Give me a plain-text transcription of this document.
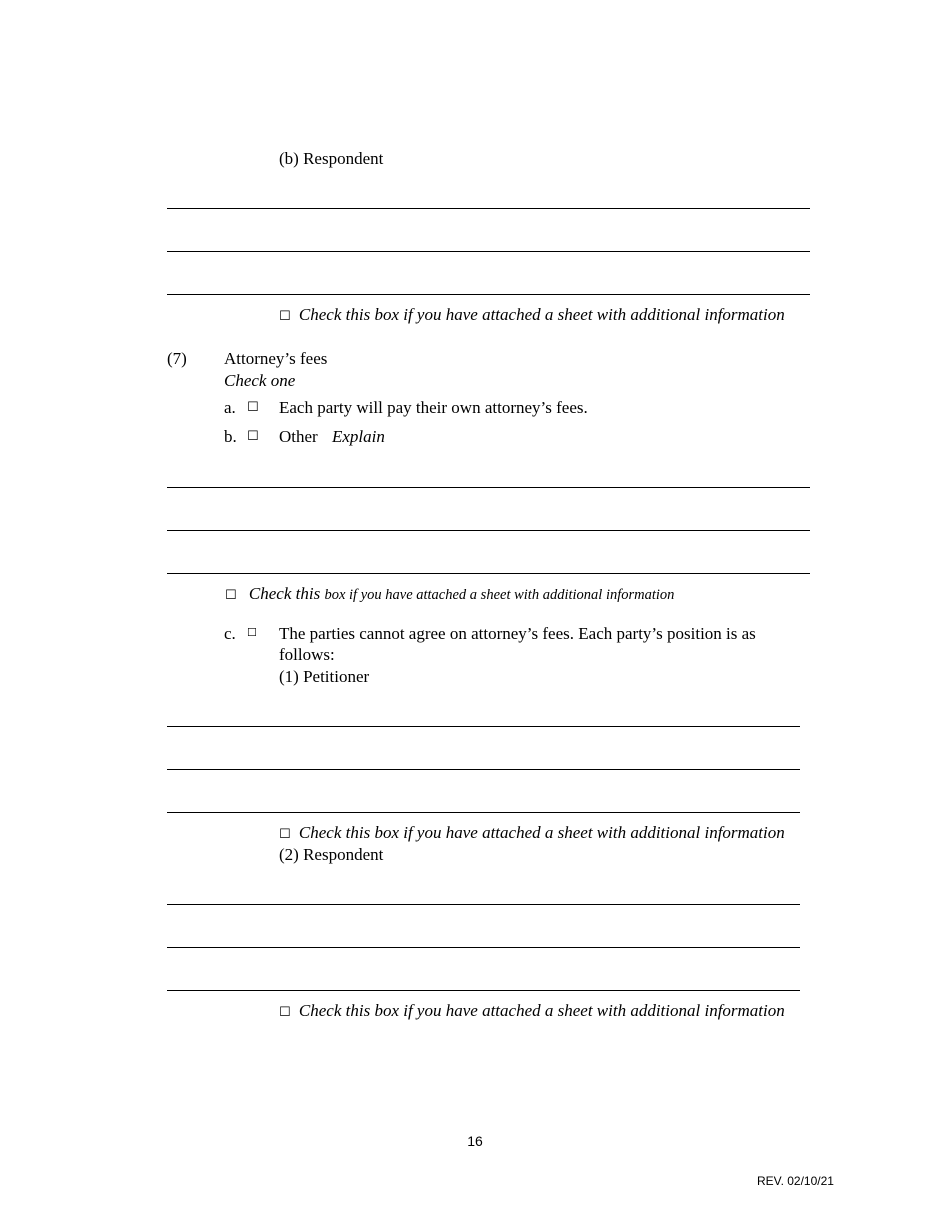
(b) Respondent
☐ Check this box if you have attached a sheet with additional information
(7) Attorney’s fees
Check one
a. ☐ Each party will pay their own attorney’s fees.
b. ☐ Other Explain
☐ Check this box if you have attached a sheet with additional information
c. ☐ The parties cannot agree on attorney’s fees. Each party’s position is as
follows:
(1) Petitioner
☐ Check this box if you have attached a sheet with additional information
(2) Respondent
☐ Check this box if you have attached a sheet with additional information
16
REV. 02/10/21
